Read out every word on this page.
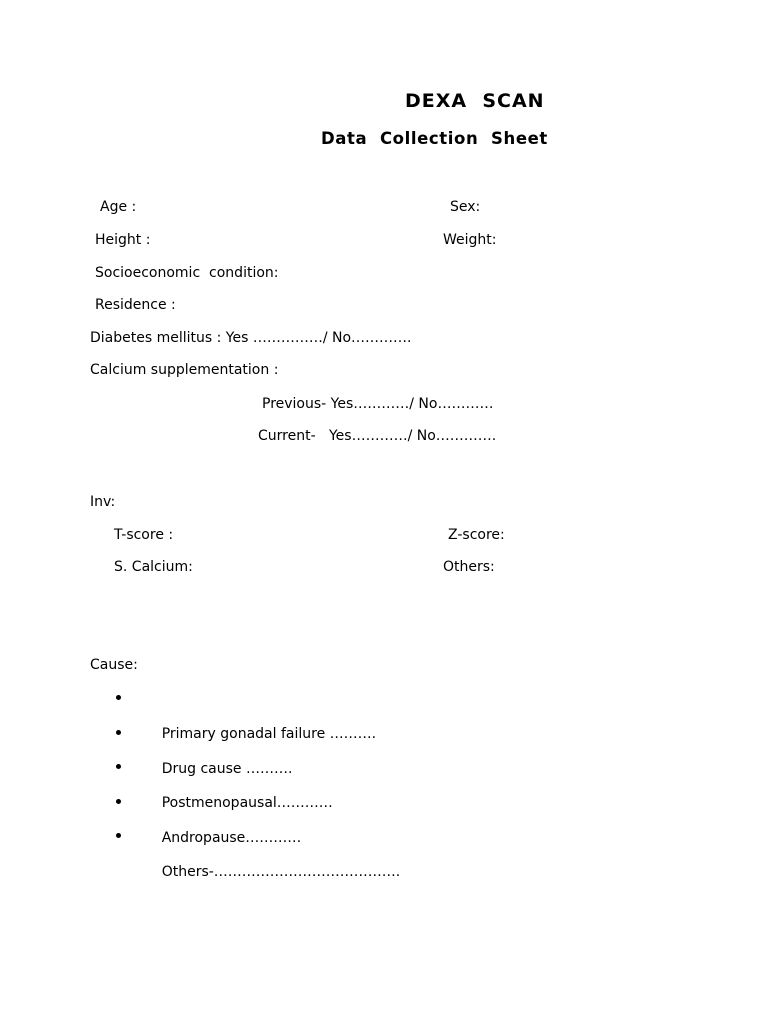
DEXA  SCAN
Data  Collection  Sheet
Age :	Sex:
Height :	Weight:
Socioeconomic  condition:
Residence :
Diabetes mellitus : Yes ……………/ No………….
Calcium supplementation :
Previous- Yes…………/ No…………
Current-   Yes…………/ No………….
Inv:
T-score :	Z-score:
S. Calcium:	Others:
Cause:

Primary gonadal failure ……….

Drug cause ……….

Postmenopausal…………

Andropause…………

Others-………………………………….
